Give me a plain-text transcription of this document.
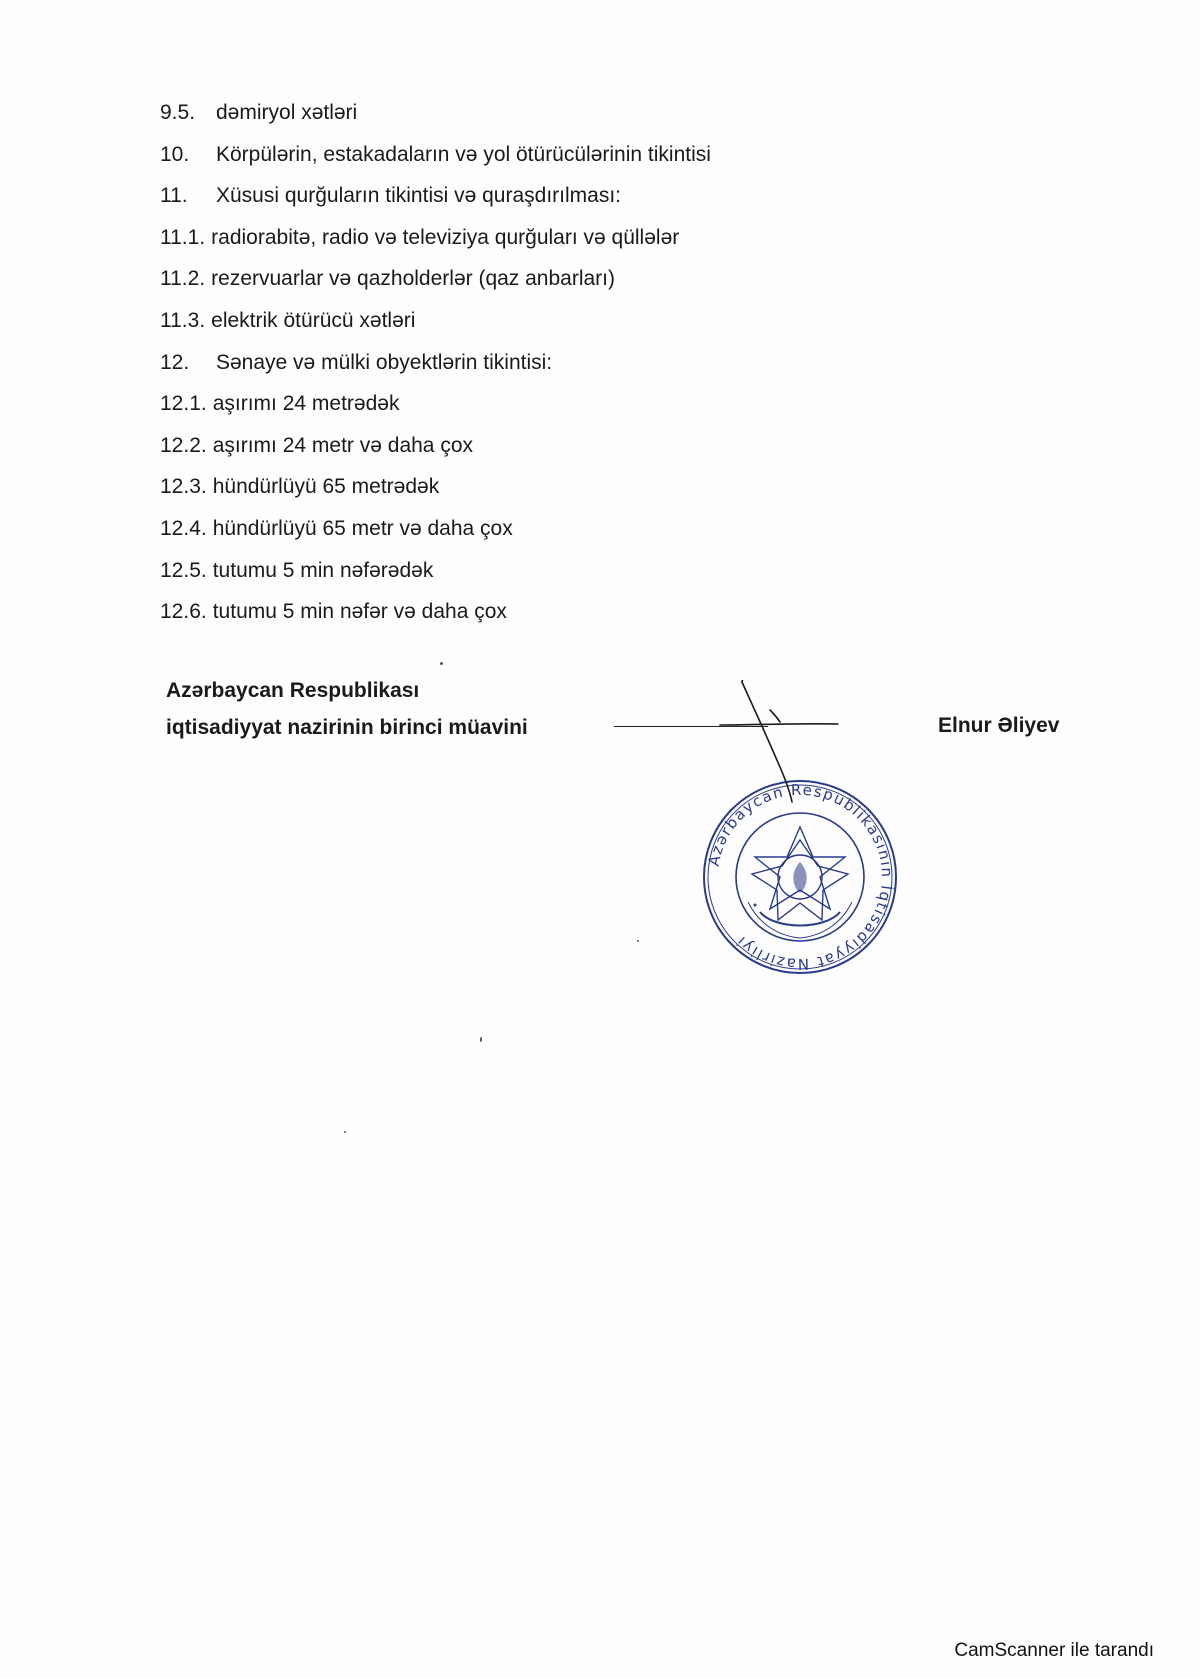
9.5. dəmiryol xətləri
10. Körpülərin, estakadaların və yol ötürücülərinin tikintisi
11. Xüsusi qurğuların tikintisi və quraşdırılması:
11.1. radiorabitə, radio və televiziya qurğuları və qüllələr
11.2. rezervuarlar və qazholderlər (qaz anbarları)
11.3. elektrik ötürücü xətləri
12. Sənaye və mülki obyektlərin tikintisi:
12.1. aşırımı 24 metrədək
12.2. aşırımı 24 metr və daha çox
12.3. hündürlüyü 65 metrədək
12.4. hündürlüyü 65 metr və daha çox
12.5. tutumu 5 min nəfərədək
12.6. tutumu 5 min nəfər və daha çox
Azərbaycan Respublikası
iqtisadiyyat nazirinin birinci müavini	Elnur Əliyev
Azərbaycan Respublikasının İqtisadiyyat Nazirliyi
CamScanner ile tarandı
